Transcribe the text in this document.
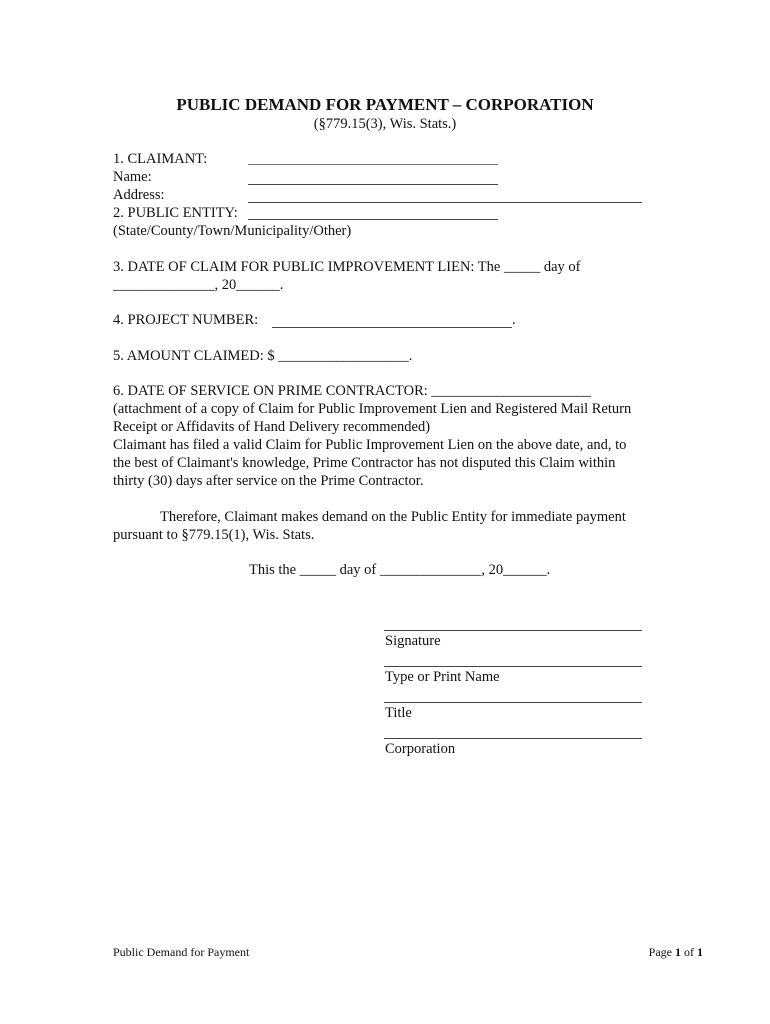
PUBLIC DEMAND FOR PAYMENT – CORPORATION
(§779.15(3), Wis. Stats.)
1. CLAIMANT:
Name:
Address:
2. PUBLIC ENTITY:
(State/County/Town/Municipality/Other)
3. DATE OF CLAIM FOR PUBLIC IMPROVEMENT LIEN: The _____ day of
______________, 20______.
4. PROJECT NUMBER:	.
5. AMOUNT CLAIMED: $ __________________.
6. DATE OF SERVICE ON PRIME CONTRACTOR: ______________________
(attachment of a copy of Claim for Public Improvement Lien and Registered Mail Return
Receipt or Affidavits of Hand Delivery recommended)
Claimant has filed a valid Claim for Public Improvement Lien on the above date, and, to
the best of Claimant's knowledge, Prime Contractor has not disputed this Claim within
thirty (30) days after service on the Prime Contractor.
Therefore, Claimant makes demand on the Public Entity for immediate payment
pursuant to §779.15(1), Wis. Stats.
This the _____ day of ______________, 20______.
Signature
Type or Print Name
Title
Corporation
Public Demand for Payment	Page 1 of 1
